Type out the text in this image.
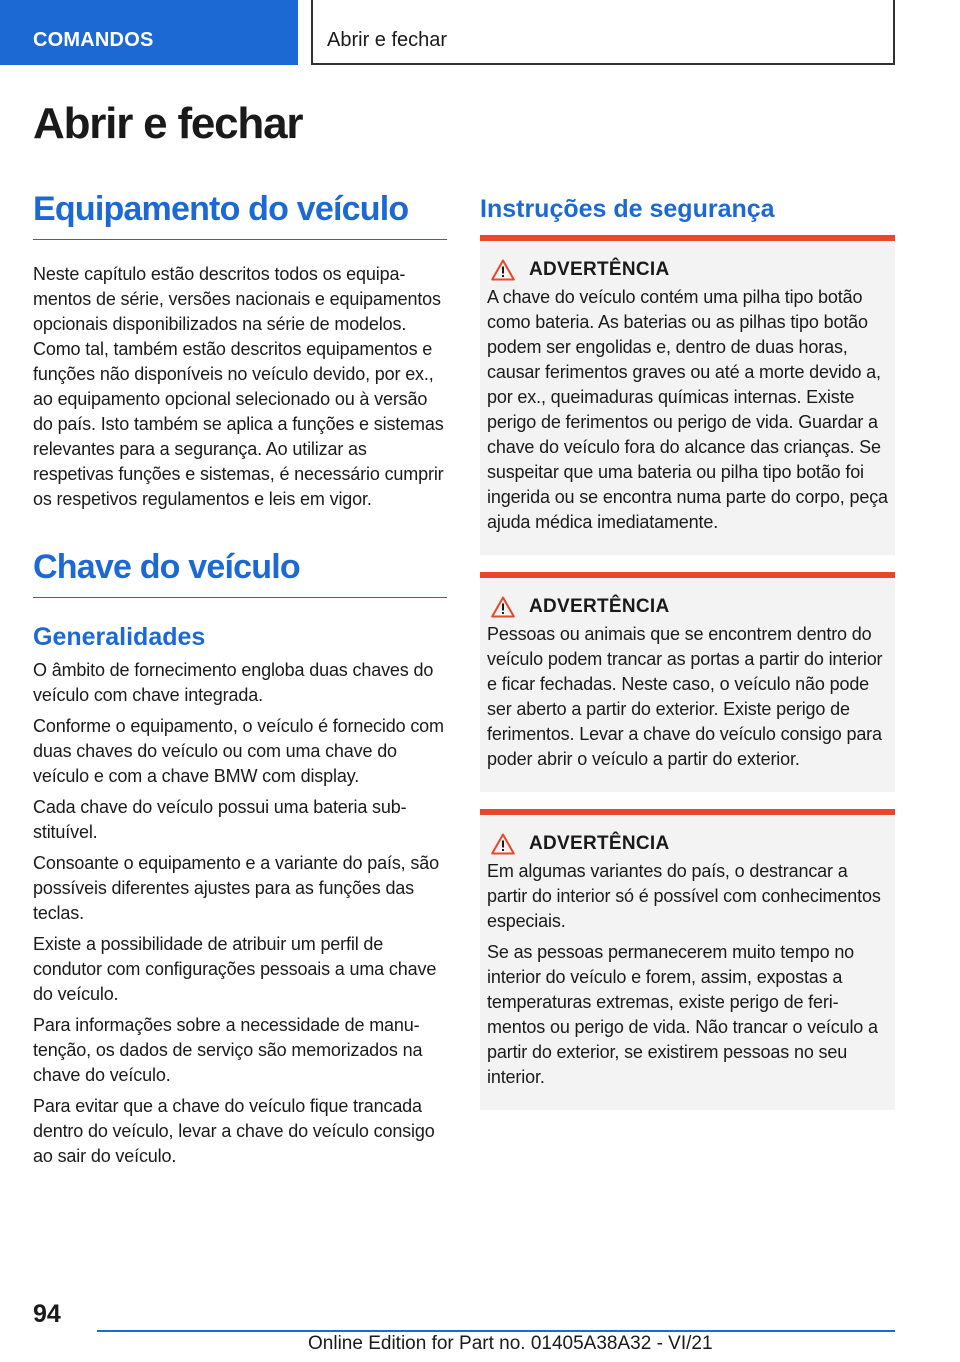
COMANDOS	Abrir e fechar
Abrir e fechar
Equipamento do veículo

Neste capítulo estão descritos todos os equipamentos de série, versões nacionais e equipamentos opcionais disponibilizados na série de modelos. Como tal, também estão descritos equipamentos e funções não disponíveis no veículo devido, por ex., ao equipamento opcional selecionado ou à versão do país. Isto também se aplica a funções e sistemas relevantes para a segurança. Ao utilizar as respetivas funções e sistemas, é necessário cumprir os respetivos regulamentos e leis em vigor.

Chave do veículo
Generalidades

O âmbito de fornecimento engloba duas chaves do veículo com chave integrada.

Conforme o equipamento, o veículo é fornecido com duas chaves do veículo ou com uma chave do veículo e com a chave BMW com display.

Cada chave do veículo possui uma bateria substituível.

Consoante o equipamento e a variante do país, são possíveis diferentes ajustes para as funções das teclas.

Existe a possibilidade de atribuir um perfil de condutor com configurações pessoais a uma chave do veículo.

Para informações sobre a necessidade de manutenção, os dados de serviço são memorizados na chave do veículo.

Para evitar que a chave do veículo fique trancada dentro do veículo, levar a chave do veículo consigo ao sair do veículo.

Instruções de segurança
ADVERTÊNCIA

A chave do veículo contém uma pilha tipo botão como bateria. As baterias ou as pilhas tipo botão podem ser engolidas e, dentro de duas horas, causar ferimentos graves ou até a morte devido a, por ex., queimaduras químicas internas. Existe perigo de ferimentos ou perigo de vida. Guardar a chave do veículo fora do alcance das crianças. Se suspeitar que uma bateria ou pilha tipo botão foi ingerida ou se encontra numa parte do corpo, peça ajuda médica imediatamente.

ADVERTÊNCIA

Pessoas ou animais que se encontrem dentro do veículo podem trancar as portas a partir do interior e ficar fechadas. Neste caso, o veículo não pode ser aberto a partir do exterior. Existe perigo de ferimentos. Levar a chave do veículo consigo para poder abrir o veículo a partir do exterior.

ADVERTÊNCIA

Em algumas variantes do país, o destrancar a partir do interior só é possível com conhecimentos especiais.

Se as pessoas permanecerem muito tempo no interior do veículo e forem, assim, expostas a temperaturas extremas, existe perigo de ferimentos ou perigo de vida. Não trancar o veículo a partir do exterior, se existirem pessoas no seu interior.

94
Online Edition for Part no. 01405A38A32 - VI/21
